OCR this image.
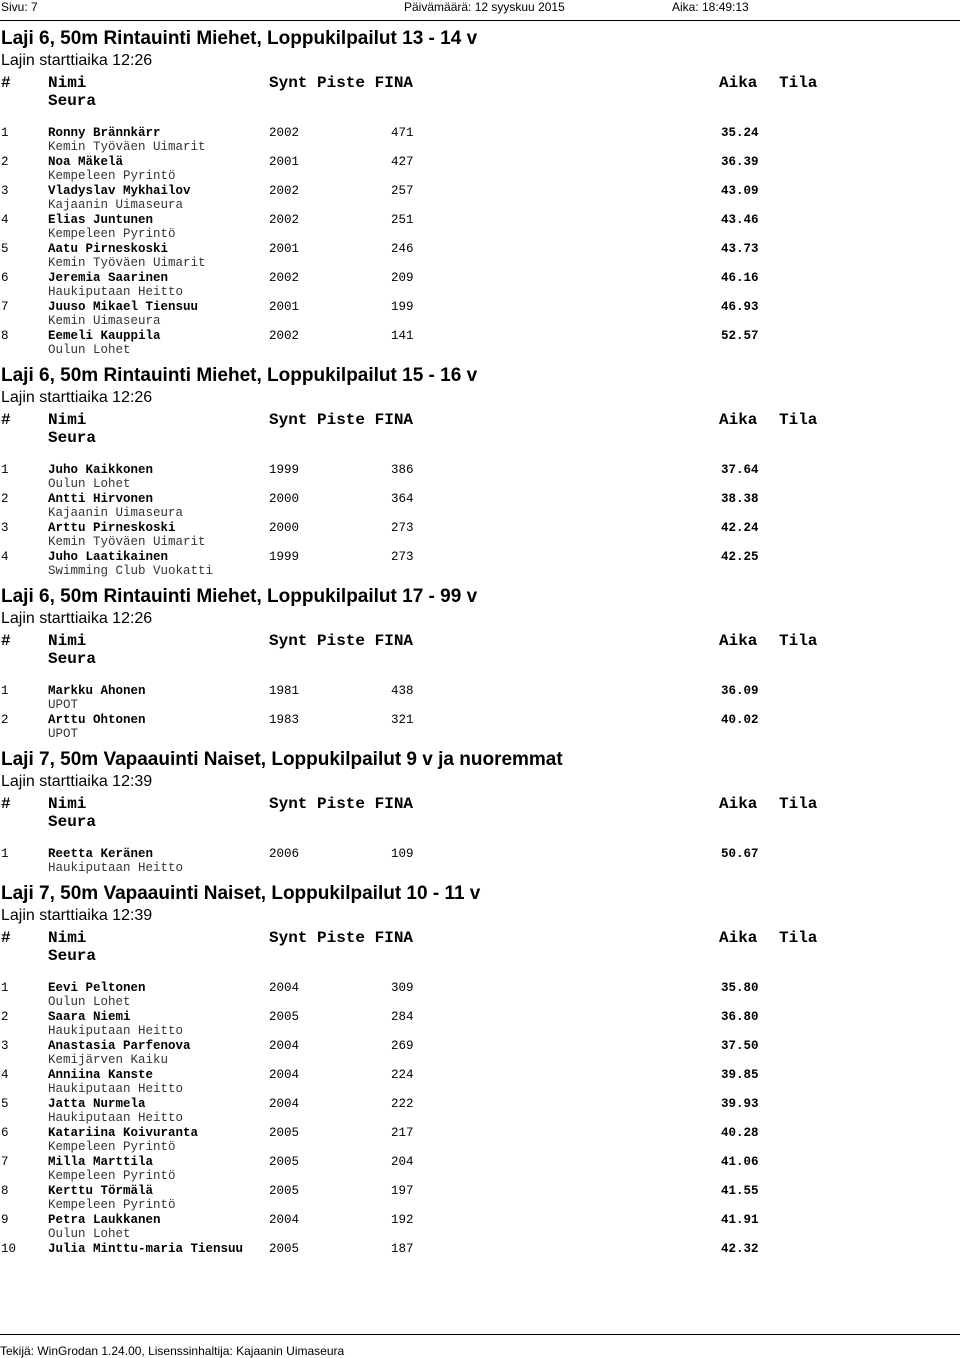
Sivu: 7	Päivämäärä: 12 syyskuu 2015	Aika: 18:49:13
Laji 6, 50m Rintauinti Miehet, Loppukilpailut 13 - 14 v
Lajin starttiaika 12:26
# Nimi	Synt Piste FINA	Aika Tila
Seura
1	Ronny Brännkärr	2002	471	35.24
Kemin Työväen Uimarit
2	Noa Mäkelä	2001	427	36.39
Kempeleen Pyrintö
3	Vladyslav Mykhailov	2002	257	43.09
Kajaanin Uimaseura
4	Elias Juntunen	2002	251	43.46
Kempeleen Pyrintö
5	Aatu Pirneskoski	2001	246	43.73
Kemin Työväen Uimarit
6	Jeremia Saarinen	2002	209	46.16
Haukiputaan Heitto
7	Juuso Mikael Tiensuu	2001	199	46.93
Kemin Uimaseura
8	Eemeli Kauppila	2002	141	52.57
Oulun Lohet
Laji 6, 50m Rintauinti Miehet, Loppukilpailut 15 - 16 v
Lajin starttiaika 12:26
# Nimi	Synt Piste FINA	Aika Tila
Seura
1	Juho Kaikkonen	1999	386	37.64
Oulun Lohet
2	Antti Hirvonen	2000	364	38.38
Kajaanin Uimaseura
3	Arttu Pirneskoski	2000	273	42.24
Kemin Työväen Uimarit
4	Juho Laatikainen	1999	273	42.25
Swimming Club Vuokatti
Laji 6, 50m Rintauinti Miehet, Loppukilpailut 17 - 99 v
Lajin starttiaika 12:26
# Nimi	Synt Piste FINA	Aika Tila
Seura
1	Markku Ahonen	1981	438	36.09
UPOT
2	Arttu Ohtonen	1983	321	40.02
UPOT
Laji 7, 50m Vapaauinti Naiset, Loppukilpailut 9 v ja nuoremmat
Lajin starttiaika 12:39
# Nimi	Synt Piste FINA	Aika Tila
Seura
1	Reetta Keränen	2006	109	50.67
Haukiputaan Heitto
Laji 7, 50m Vapaauinti Naiset, Loppukilpailut 10 - 11 v
Lajin starttiaika 12:39
# Nimi	Synt Piste FINA	Aika Tila
Seura
1	Eevi Peltonen	2004	309	35.80
Oulun Lohet
2	Saara Niemi	2005	284	36.80
Haukiputaan Heitto
3	Anastasia Parfenova	2004	269	37.50
Kemijärven Kaiku
4	Anniina Kanste	2004	224	39.85
Haukiputaan Heitto
5	Jatta Nurmela	2004	222	39.93
Haukiputaan Heitto
6	Katariina Koivuranta	2005	217	40.28
Kempeleen Pyrintö
7	Milla Marttila	2005	204	41.06
Kempeleen Pyrintö
8	Kerttu Törmälä	2005	197	41.55
Kempeleen Pyrintö
9	Petra Laukkanen	2004	192	41.91
Oulun Lohet
10	Julia Minttu-maria Tiensuu 2005	187	42.32
Tekijä: WinGrodan 1.24.00, Lisenssinhaltija: Kajaanin Uimaseura
